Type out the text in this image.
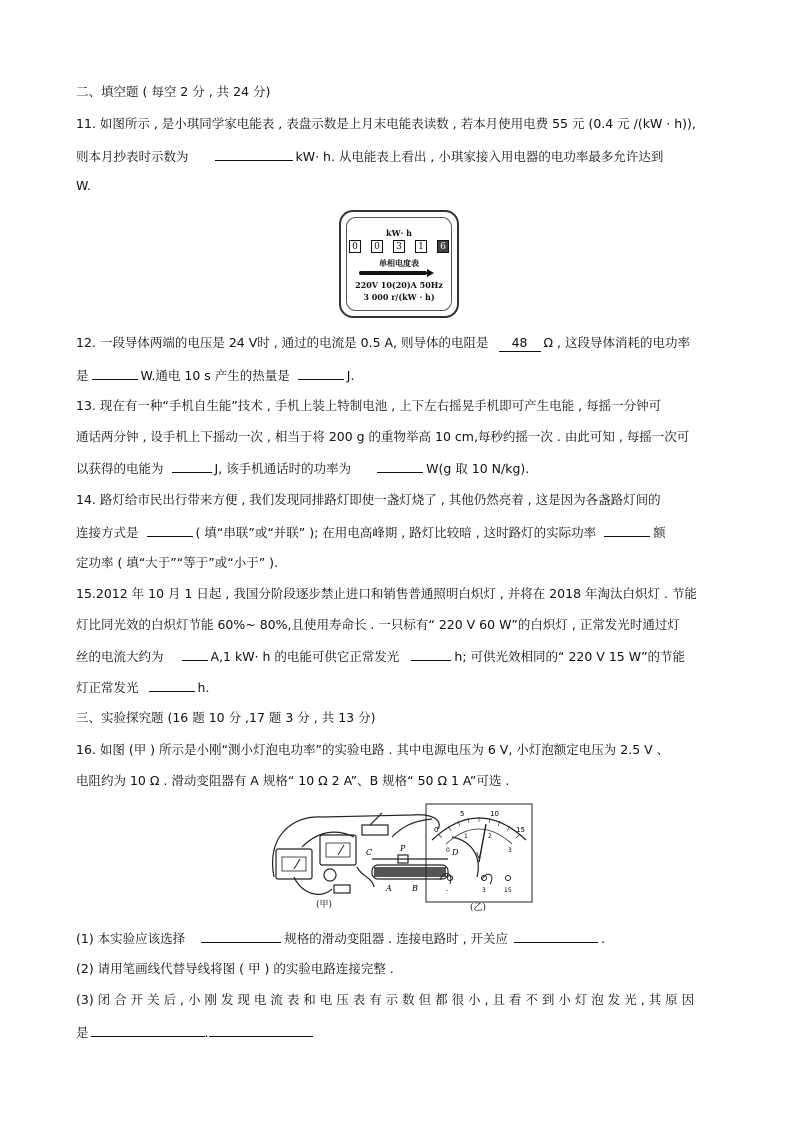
二、填空题 ( 每空 2 分 , 共 24 分)
11. 如图所示 , 是小琪同学家电能表 , 表盘示数是上月末电能表读数 , 若本月使用电费 55 元 (0.4 元 /(kW · h)),
则本月抄表时示数为	kW· h. 从电能表上看出 , 小琪家接入用电器的电功率最多允许达到
W.
kW· h
0	0	3	1	6
单相电度表
220V 10(20)A 50Hz
3 000 r/(kW · h)
12. 一段导体两端的电压是 24 V时 , 通过的电流是 0.5 A, 则导体的电阻是 48 Ω , 这段导体消耗的电功率
是	W.通电 10 s 产生的热量是	J.
13. 现在有一种“手机自生能”技术 , 手机上装上特制电池 , 上下左右摇晃手机即可产生电能 , 每摇一分钟可
通话两分钟 , 设手机上下摇动一次 , 相当于将 200 g 的重物举高 10 cm,每秒约摇一次 . 由此可知 , 每摇一次可
以获得的电能为	J, 该手机通话时的功率为	W(g 取 10 N/kg).
14. 路灯给市民出行带来方便 , 我们发现同排路灯即使一盏灯烧了 , 其他仍然亮着 , 这是因为各盏路灯间的
连接方式是	( 填“串联”或“并联” ); 在用电高峰期 , 路灯比较暗 , 这时路灯的实际功率	额
定功率 ( 填“大于”“等于”或“小于” ).
15.2012 年 10 月 1 日起 , 我国分阶段逐步禁止进口和销售普通照明白炽灯 , 并将在 2018 年淘汰白炽灯 . 节能
灯比同光效的白炽灯节能 60%~ 80%,且使用寿命长 . 一只标有“ 220 V 60 W”的白炽灯 , 正常发光时通过灯
丝的电流大约为	A,1 kW· h 的电能可供它正常发光	h; 可供光效相同的“ 220 V 15 W”的节能
灯正常发光	h.
三、实验探究题 (16 题 10 分 ,17 题 3 分 , 共 13 分)
16. 如图 (甲 ) 所示是小刚“测小灯泡电功率”的实验电路 . 其中电源电压为 6 V, 小灯泡额定电压为 2.5 V 、
电阻约为 10 Ω . 滑动变阻器有 A 规格“ 10 Ω 2 A”、B 规格“ 50 Ω 1 A”可选 .
C	P	D
A	B
0
5	10
15
0
1	2
3
V
-	3	15
(甲)	(乙)
(1) 本实验应该选择	规格的滑动变阻器 . 连接电路时 , 开关应	.
(2) 请用笔画线代替导线将图 ( 甲 ) 的实验电路连接完整 .
(3) 闭 合 开 关 后 , 小 刚 发 现 电 流 表 和 电 压 表 有 示 数 但 都 很 小 , 且 看 不 到 小 灯 泡 发 光 , 其 原 因
是	.
